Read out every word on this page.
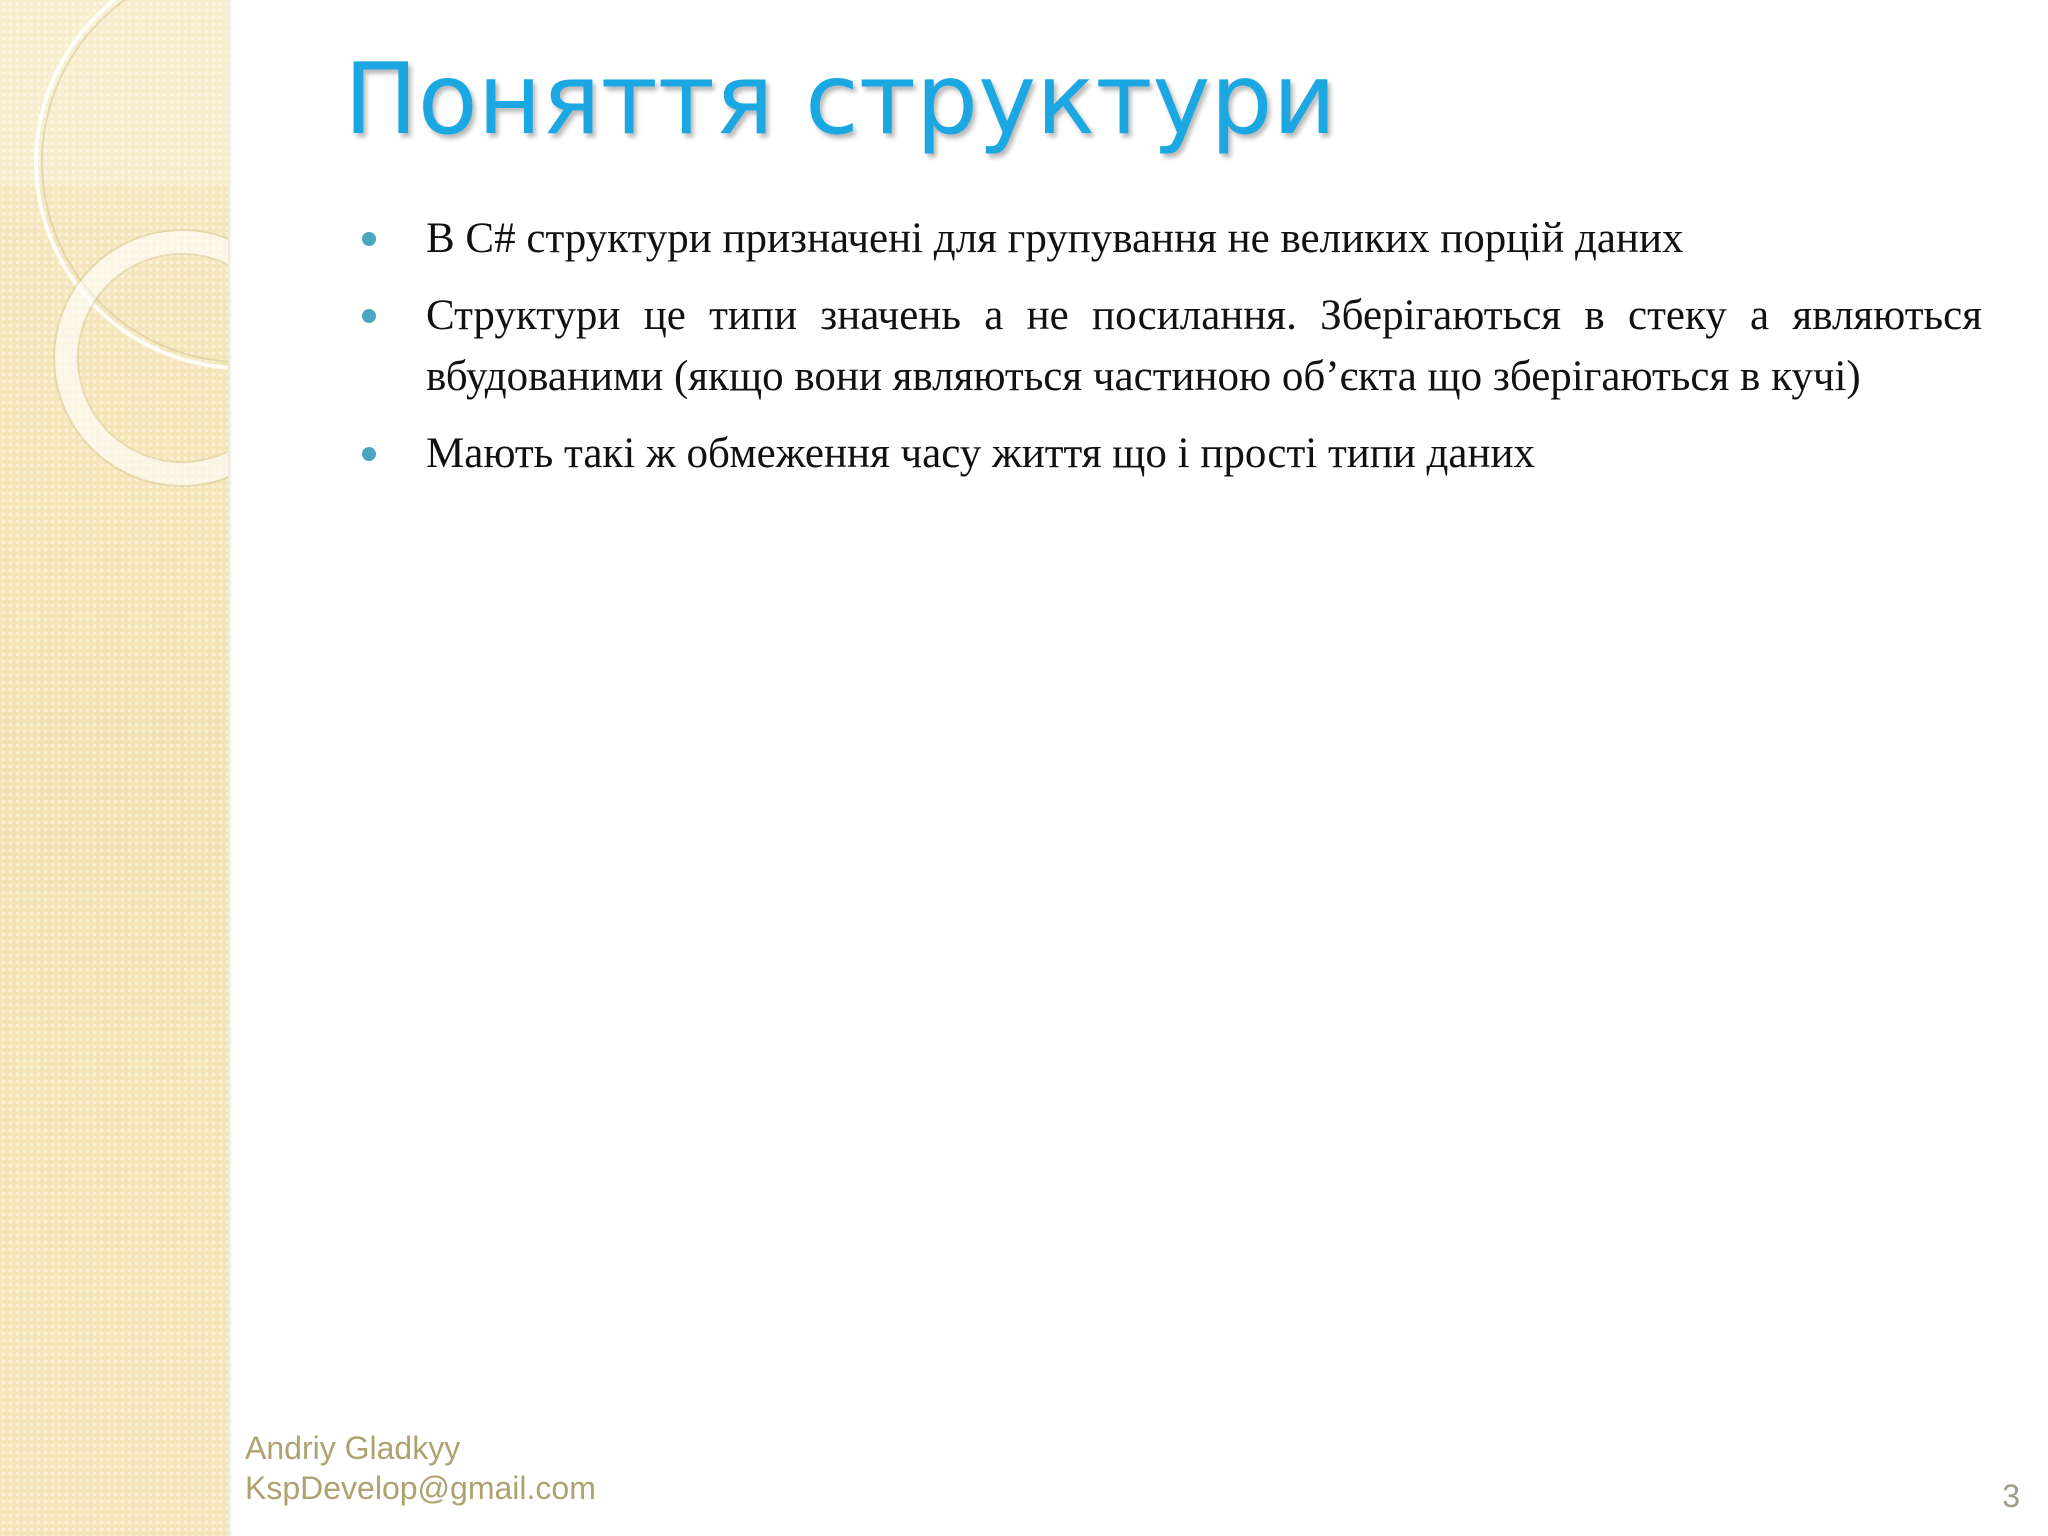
Поняття структури
В C# структури призначені для групування не великих порцій даних
Структури це типи значень а не посилання. Зберігаються в стеку а являються вбудованими (якщо вони являються частиною об’єкта що зберігаються в кучі)
Мають такі ж обмеження часу життя що і прості типи даних
Andriy Gladkyy
KspDevelop@gmail.com	3
